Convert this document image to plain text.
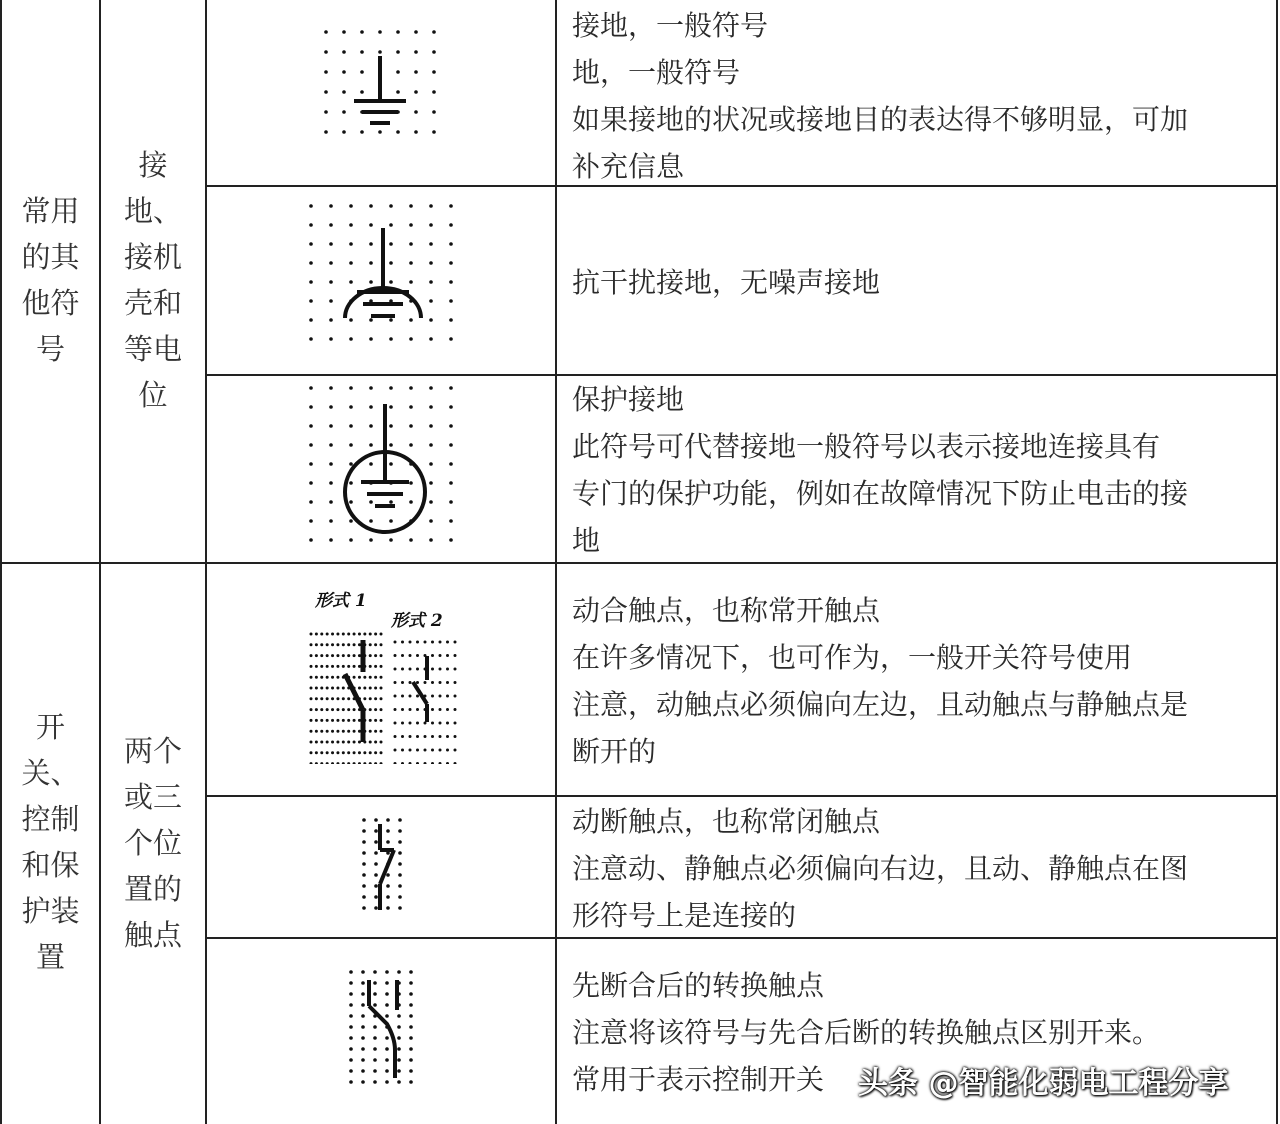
常用
的其
他符
号
接
地、
接机
壳和
等电
位
开
关、
控制
和保
护装
置
两个
或三
个位
置的
触点
接地，一般符号
地，一般符号
如果接地的状况或接地目的表达得不够明显，可加
补充信息
抗干扰接地，无噪声接地
保护接地
此符号可代替接地一般符号以表示接地连接具有
专门的保护功能，例如在故障情况下防止电击的接
地
形式 1
形式 2	动合触点，也称常开触点
在许多情况下，也可作为，一般开关符号使用
注意，动触点必须偏向左边，且动触点与静触点是
断开的
动断触点，也称常闭触点
注意动、静触点必须偏向右边，且动、静触点在图
形符号上是连接的
先断合后的转换触点
注意将该符号与先合后断的转换触点区别开来。
常用于表示控制开关	头条 @智能化弱电工程分享
